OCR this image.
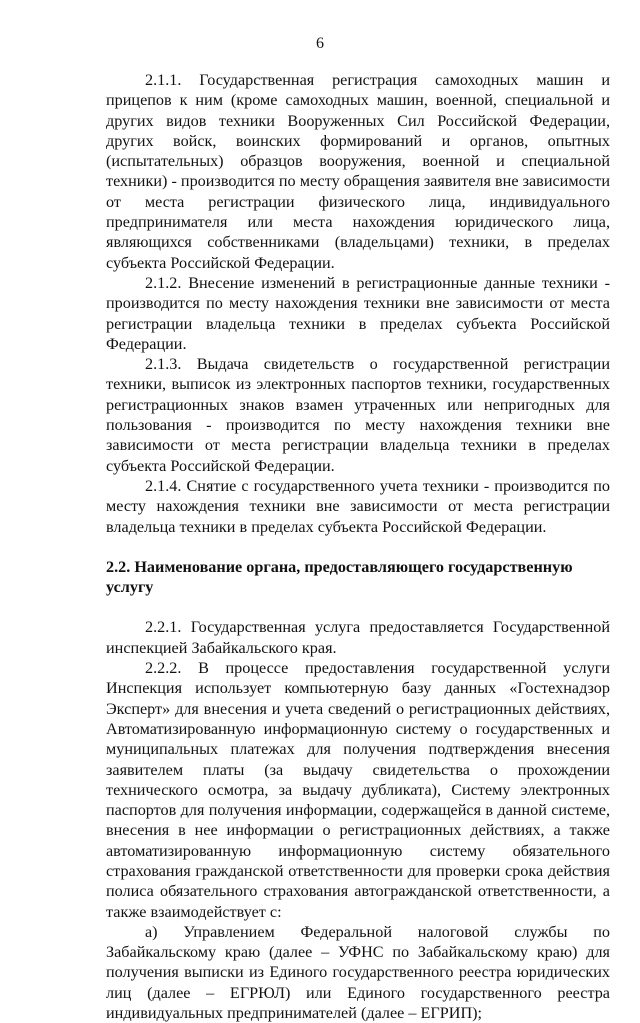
6

2.1.1. Государственная регистрация самоходных машин и прицепов к ним (кроме самоходных машин, военной, специальной и других видов техники Вооруженных Сил Российской Федерации, других войск, воинских формирований и органов, опытных (испытательных) образцов вооружения, военной и специальной техники) - производится по месту обращения заявителя вне зависимости от места регистрации физического лица, индивидуального предпринимателя или места нахождения юридического лица, являющихся собственниками (владельцами) техники, в пределах субъекта Российской Федерации.

2.1.2. Внесение изменений в регистрационные данные техники - производится по месту нахождения техники вне зависимости от места регистрации владельца техники в пределах субъекта Российской Федерации.

2.1.3. Выдача свидетельств о государственной регистрации техники, выписок из электронных паспортов техники, государственных регистрационных знаков взамен утраченных или непригодных для пользования - производится по месту нахождения техники вне зависимости от места регистрации владельца техники в пределах субъекта Российской Федерации.

2.1.4. Снятие с государственного учета техники - производится по месту нахождения техники вне зависимости от места регистрации владельца техники в пределах субъекта Российской Федерации.

2.2. Наименование органа, предоставляющего государственную услугу

2.2.1. Государственная услуга предоставляется Государственной инспекцией Забайкальского края.

2.2.2. В процессе предоставления государственной услуги Инспекция использует компьютерную базу данных «Гостехнадзор Эксперт» для внесения и учета сведений о регистрационных действиях, Автоматизированную информационную систему о государственных и муниципальных платежах для получения подтверждения внесения заявителем платы (за выдачу свидетельства о прохождении технического осмотра, за выдачу дубликата), Систему электронных паспортов для получения информации, содержащейся в данной системе, внесения в нее информации о регистрационных действиях, а также автоматизированную информационную систему обязательного страхования гражданской ответственности для проверки срока действия полиса обязательного страхования автогражданской ответственности, а также взаимодействует с:

а) Управлением Федеральной налоговой службы по Забайкальскому краю (далее – УФНС по Забайкальскому краю) для получения выписки из Единого государственного реестра юридических лиц (далее – ЕГРЮЛ) или Единого государственного реестра индивидуальных предпринимателей (далее – ЕГРИП);
